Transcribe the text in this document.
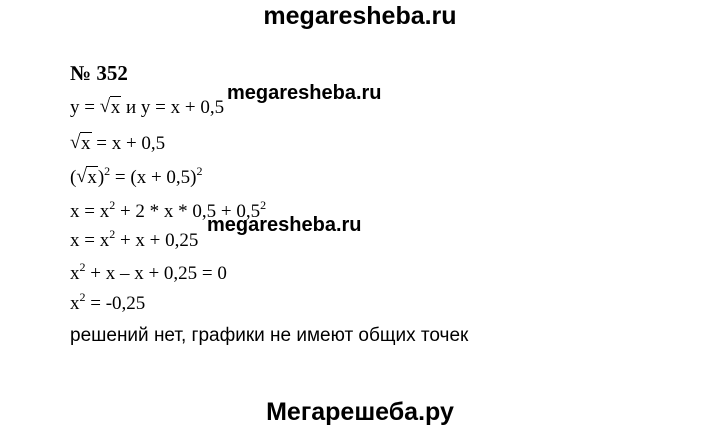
megaresheba.ru
№ 352
y = √ x и y = x + 0,5
√ x = x + 0,5
( √ $x)^2 = (x + 0,5)^2$
$x = x^2 + 2 * x * 0,5 + 0,5^2$
$x = x^2 + x + 0,25$
$x^2 + x - x + 0,25 = 0$
$x^2 = -0,25$
решений нет, графики не имеют общих точек
megaresheba.ru
megaresheba.ru
Мегарешеба.ру
